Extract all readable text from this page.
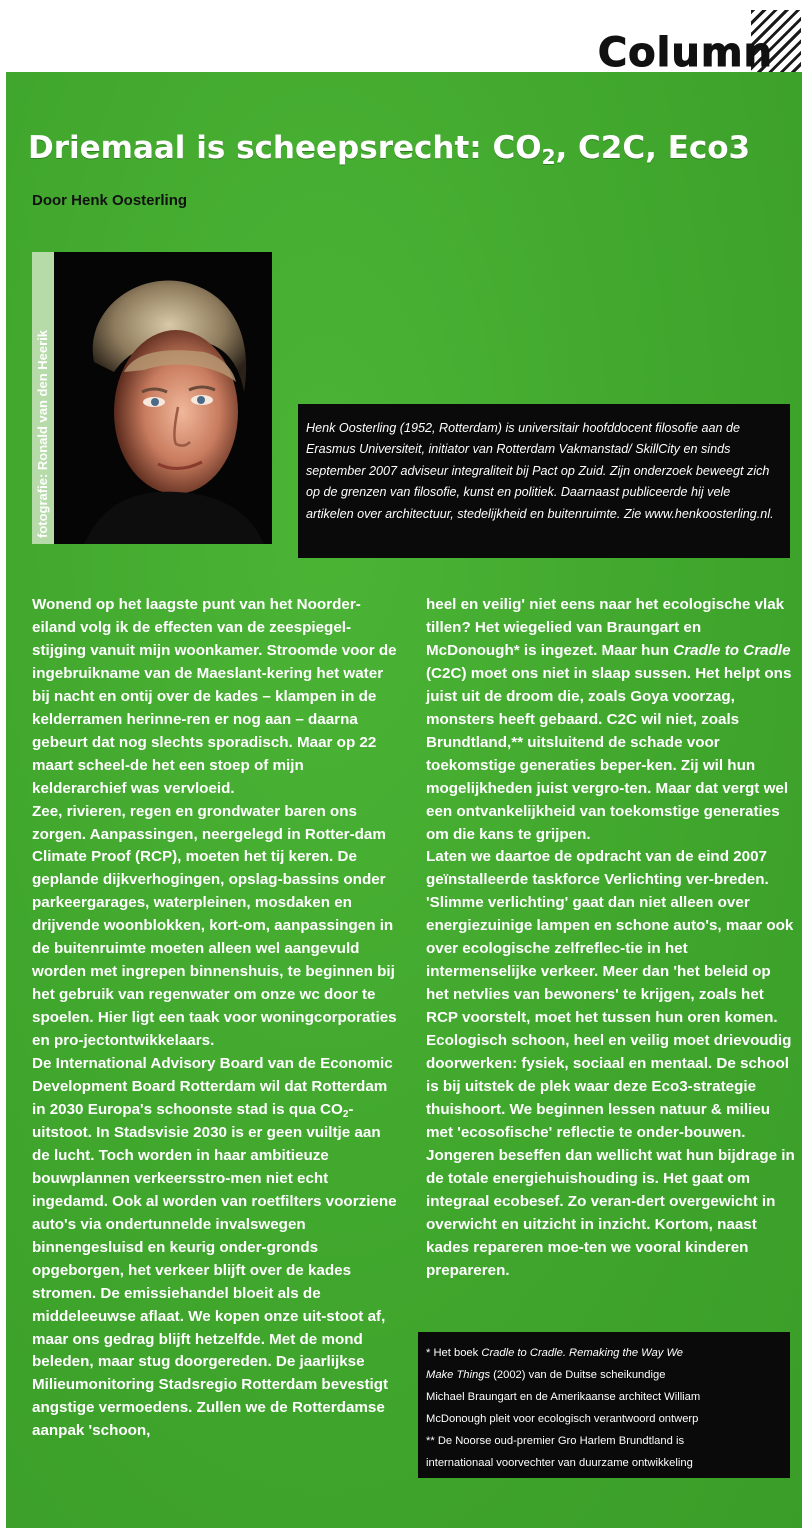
Column
Driemaal is scheepsrecht: $CO_2$, C2C, Eco3
Door Henk Oosterling
fotografie: Ronald van den Heerik	Henk Oosterling (1952, Rotterdam) is universitair hoofddocent filosofie aan de Erasmus Universiteit, initiator van Rotterdam Vakmanstad/ SkillCity en sinds september 2007 adviseur integraliteit bij Pact op Zuid. Zijn onderzoek beweegt zich op de grenzen van filosofie, kunst en politiek. Daarnaast publiceerde hij vele artikelen over architectuur, stedelijkheid en buitenruimte. Zie www.henkoosterling.nl.

Wonend op het laagste punt van het Noorder-eiland volg ik de effecten van de zeespiegel-stijging vanuit mijn woonkamer. Stroomde voor de ingebruikname van de Maeslant-kering het water bij nacht en ontij over de kades – klampen in de kelderramen herinne-ren er nog aan – daarna gebeurt dat nog slechts sporadisch. Maar op 22 maart scheel-de het een stoep of mijn kelderarchief was vervloeid.

Zee, rivieren, regen en grondwater baren ons zorgen. Aanpassingen, neergelegd in Rotter-dam Climate Proof (RCP), moeten het tij keren. De geplande dijkverhogingen, opslag-bassins onder parkeergarages, waterpleinen, mosdaken en drijvende woonblokken, kort-om, aanpassingen in de buitenruimte moeten alleen wel aangevuld worden met ingrepen binnenshuis, te beginnen bij het gebruik van regenwater om onze wc door te spoelen. Hier ligt een taak voor woningcorporaties en pro-jectontwikkelaars.

De International Advisory Board van de Economic Development Board Rotterdam wil dat Rotterdam in 2030 Europa's schoonste stad is qua $CO_2$-uitstoot. In Stadsvisie 2030 is er geen vuiltje aan de lucht. Toch worden in haar ambitieuze bouwplannen verkeersstro-men niet echt ingedamd. Ook al worden van roetfilters voorziene auto's via ondertunnelde invalswegen binnengesluisd en keurig onder-gronds opgeborgen, het verkeer blijft over de kades stromen. De emissiehandel bloeit als de middeleeuwse aflaat. We kopen onze uit-stoot af, maar ons gedrag blijft hetzelfde. Met de mond beleden, maar stug doorgereden. De jaarlijkse Milieumonitoring Stadsregio Rotterdam bevestigt angstige vermoedens. Zullen we de Rotterdamse aanpak 'schoon,

heel en veilig' niet eens naar het ecologische vlak tillen? Het wiegelied van Braungart en McDonough* is ingezet. Maar hun Cradle to Cradle (C2C) moet ons niet in slaap sussen. Het helpt ons juist uit de droom die, zoals Goya voorzag, monsters heeft gebaard. C2C wil niet, zoals Brundtland,** uitsluitend de schade voor toekomstige generaties beper-ken. Zij wil hun mogelijkheden juist vergro-ten. Maar dat vergt wel een ontvankelijkheid van toekomstige generaties om die kans te grijpen.

Laten we daartoe de opdracht van de eind 2007 geïnstalleerde taskforce Verlichting ver-breden. 'Slimme verlichting' gaat dan niet alleen over energiezuinige lampen en schone auto's, maar ook over ecologische zelfreflec-tie in het intermenselijke verkeer. Meer dan 'het beleid op het netvlies van bewoners' te krijgen, zoals het RCP voorstelt, moet het tussen hun oren komen. Ecologisch schoon, heel en veilig moet drievoudig doorwerken: fysiek, sociaal en mentaal. De school is bij uitstek de plek waar deze Eco3-strategie thuishoort. We beginnen lessen natuur & milieu met 'ecosofische' reflectie te onder-bouwen. Jongeren beseffen dan wellicht wat hun bijdrage in de totale energiehuishouding is. Het gaat om integraal ecobesef. Zo veran-dert overgewicht in overwicht en uitzicht in inzicht. Kortom, naast kades repareren moe-ten we vooral kinderen prepareren.

* Het boek Cradle to Cradle. Remaking the Way We

Make Things (2002) van de Duitse scheikundige

Michael Braungart en de Amerikaanse architect William

McDonough pleit voor ecologisch verantwoord ontwerp

** De Noorse oud-premier Gro Harlem Brundtland is

internationaal voorvechter van duurzame ontwikkeling
